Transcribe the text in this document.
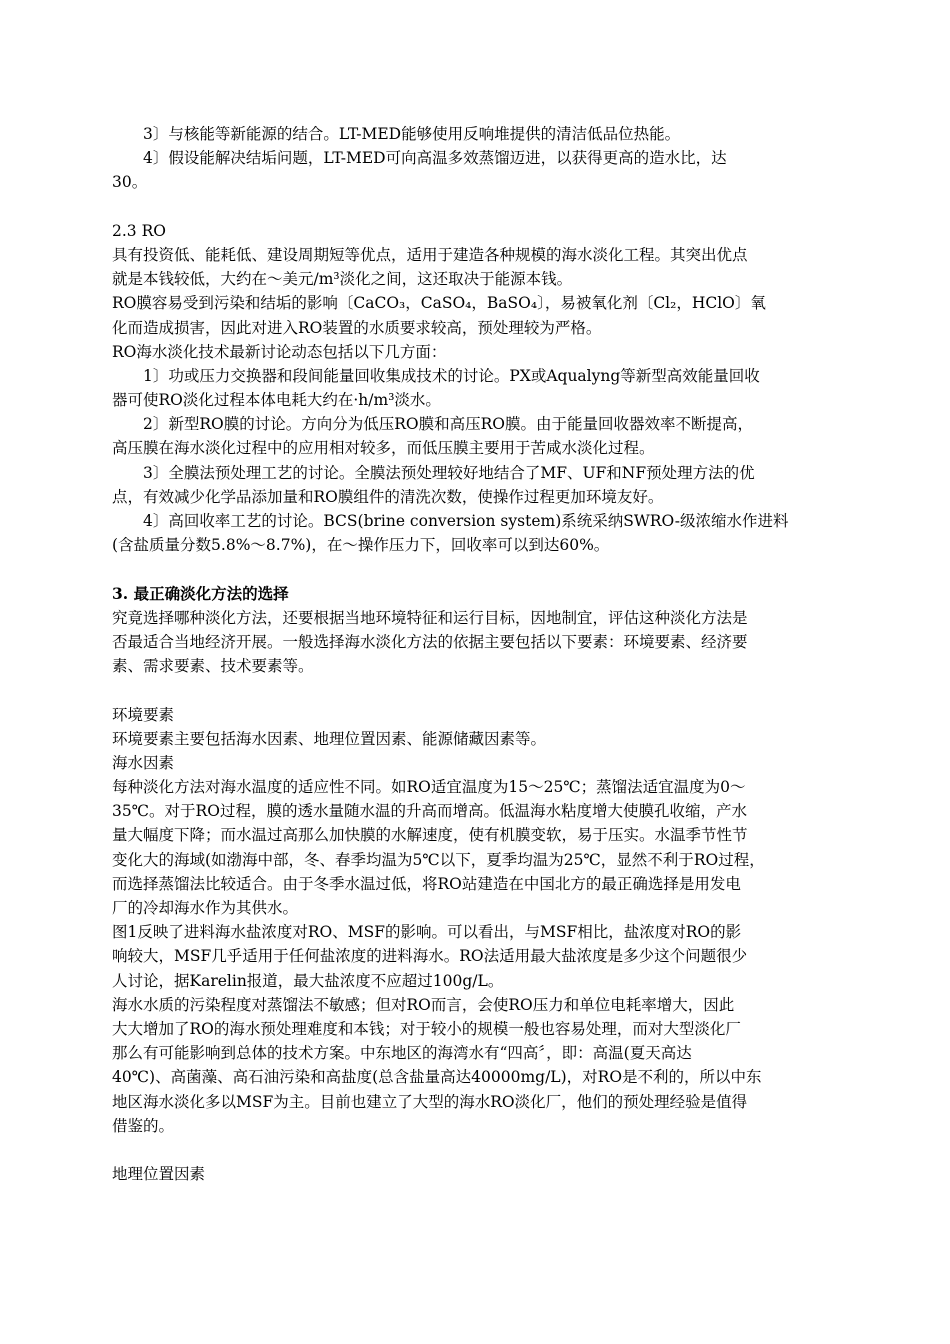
3〕与核能等新能源的结合。LT-MED能够使用反响堆提供的清洁低品位热能。
4〕假设能解决结垢问题，LT-MED可向高温多效蒸馏迈进，以获得更高的造水比，达
30。
2.3 RO
具有投资低、能耗低、建设周期短等优点，适用于建造各种规模的海水淡化工程。其突出优点
就是本钱较低，大约在～美元/m³淡化之间，这还取决于能源本钱。
RO膜容易受到污染和结垢的影响〔CaCO₃，CaSO₄，BaSO₄〕，易被氧化剂〔Cl₂，HClO〕氧
化而造成损害，因此对进入RO装置的水质要求较高，预处理较为严格。
RO海水淡化技术最新讨论动态包括以下几方面：
1〕功或压力交换器和段间能量回收集成技术的讨论。PX或Aqualyng等新型高效能量回收
器可使RO淡化过程本体电耗大约在·h/m³淡水。
2〕新型RO膜的讨论。方向分为低压RO膜和高压RO膜。由于能量回收器效率不断提高，
高压膜在海水淡化过程中的应用相对较多，而低压膜主要用于苦咸水淡化过程。
3〕全膜法预处理工艺的讨论。全膜法预处理较好地结合了MF、UF和NF预处理方法的优
点，有效减少化学品添加量和RO膜组件的清洗次数，使操作过程更加环境友好。
4〕高回收率工艺的讨论。BCS(brine conversion system)系统采纳SWRO-级浓缩水作进料
(含盐质量分数5.8%～8.7%)，在～操作压力下，回收率可以到达60%。
3. 最正确淡化方法的选择
究竟选择哪种淡化方法，还要根据当地环境特征和运行目标，因地制宜，评估这种淡化方法是
否最适合当地经济开展。一般选择海水淡化方法的依据主要包括以下要素：环境要素、经济要
素、需求要素、技术要素等。
环境要素
环境要素主要包括海水因素、地理位置因素、能源储藏因素等。
海水因素
每种淡化方法对海水温度的适应性不同。如RO适宜温度为15～25℃；蒸馏法适宜温度为0～
35℃。对于RO过程，膜的透水量随水温的升高而增高。低温海水粘度增大使膜孔收缩，产水
量大幅度下降；而水温过高那么加快膜的水解速度，使有机膜变软，易于压实。水温季节性节
变化大的海域(如渤海中部，冬、春季均温为5℃以下，夏季均温为25℃，显然不利于RO过程，
而选择蒸馏法比较适合。由于冬季水温过低，将RO站建造在中国北方的最正确选择是用发电
厂的冷却海水作为其供水。
图1反映了进料海水盐浓度对RO、MSF的影响。可以看出，与MSF相比，盐浓度对RO的影
响较大，MSF几乎适用于任何盐浓度的进料海水。RO法适用最大盐浓度是多少这个问题很少
人讨论，据Karelin报道，最大盐浓度不应超过100g/L。
海水水质的污染程度对蒸馏法不敏感；但对RO而言，会使RO压力和单位电耗率增大，因此
大大增加了RO的海水预处理难度和本钱；对于较小的规模一般也容易处理，而对大型淡化厂
那么有可能影响到总体的技术方案。中东地区的海湾水有“四高〞，即：高温(夏天高达
40℃)、高菌藻、高石油污染和高盐度(总含盐量高达40000mg/L)，对RO是不利的，所以中东
地区海水淡化多以MSF为主。目前也建立了大型的海水RO淡化厂，他们的预处理经验是值得
借鉴的。
地理位置因素
